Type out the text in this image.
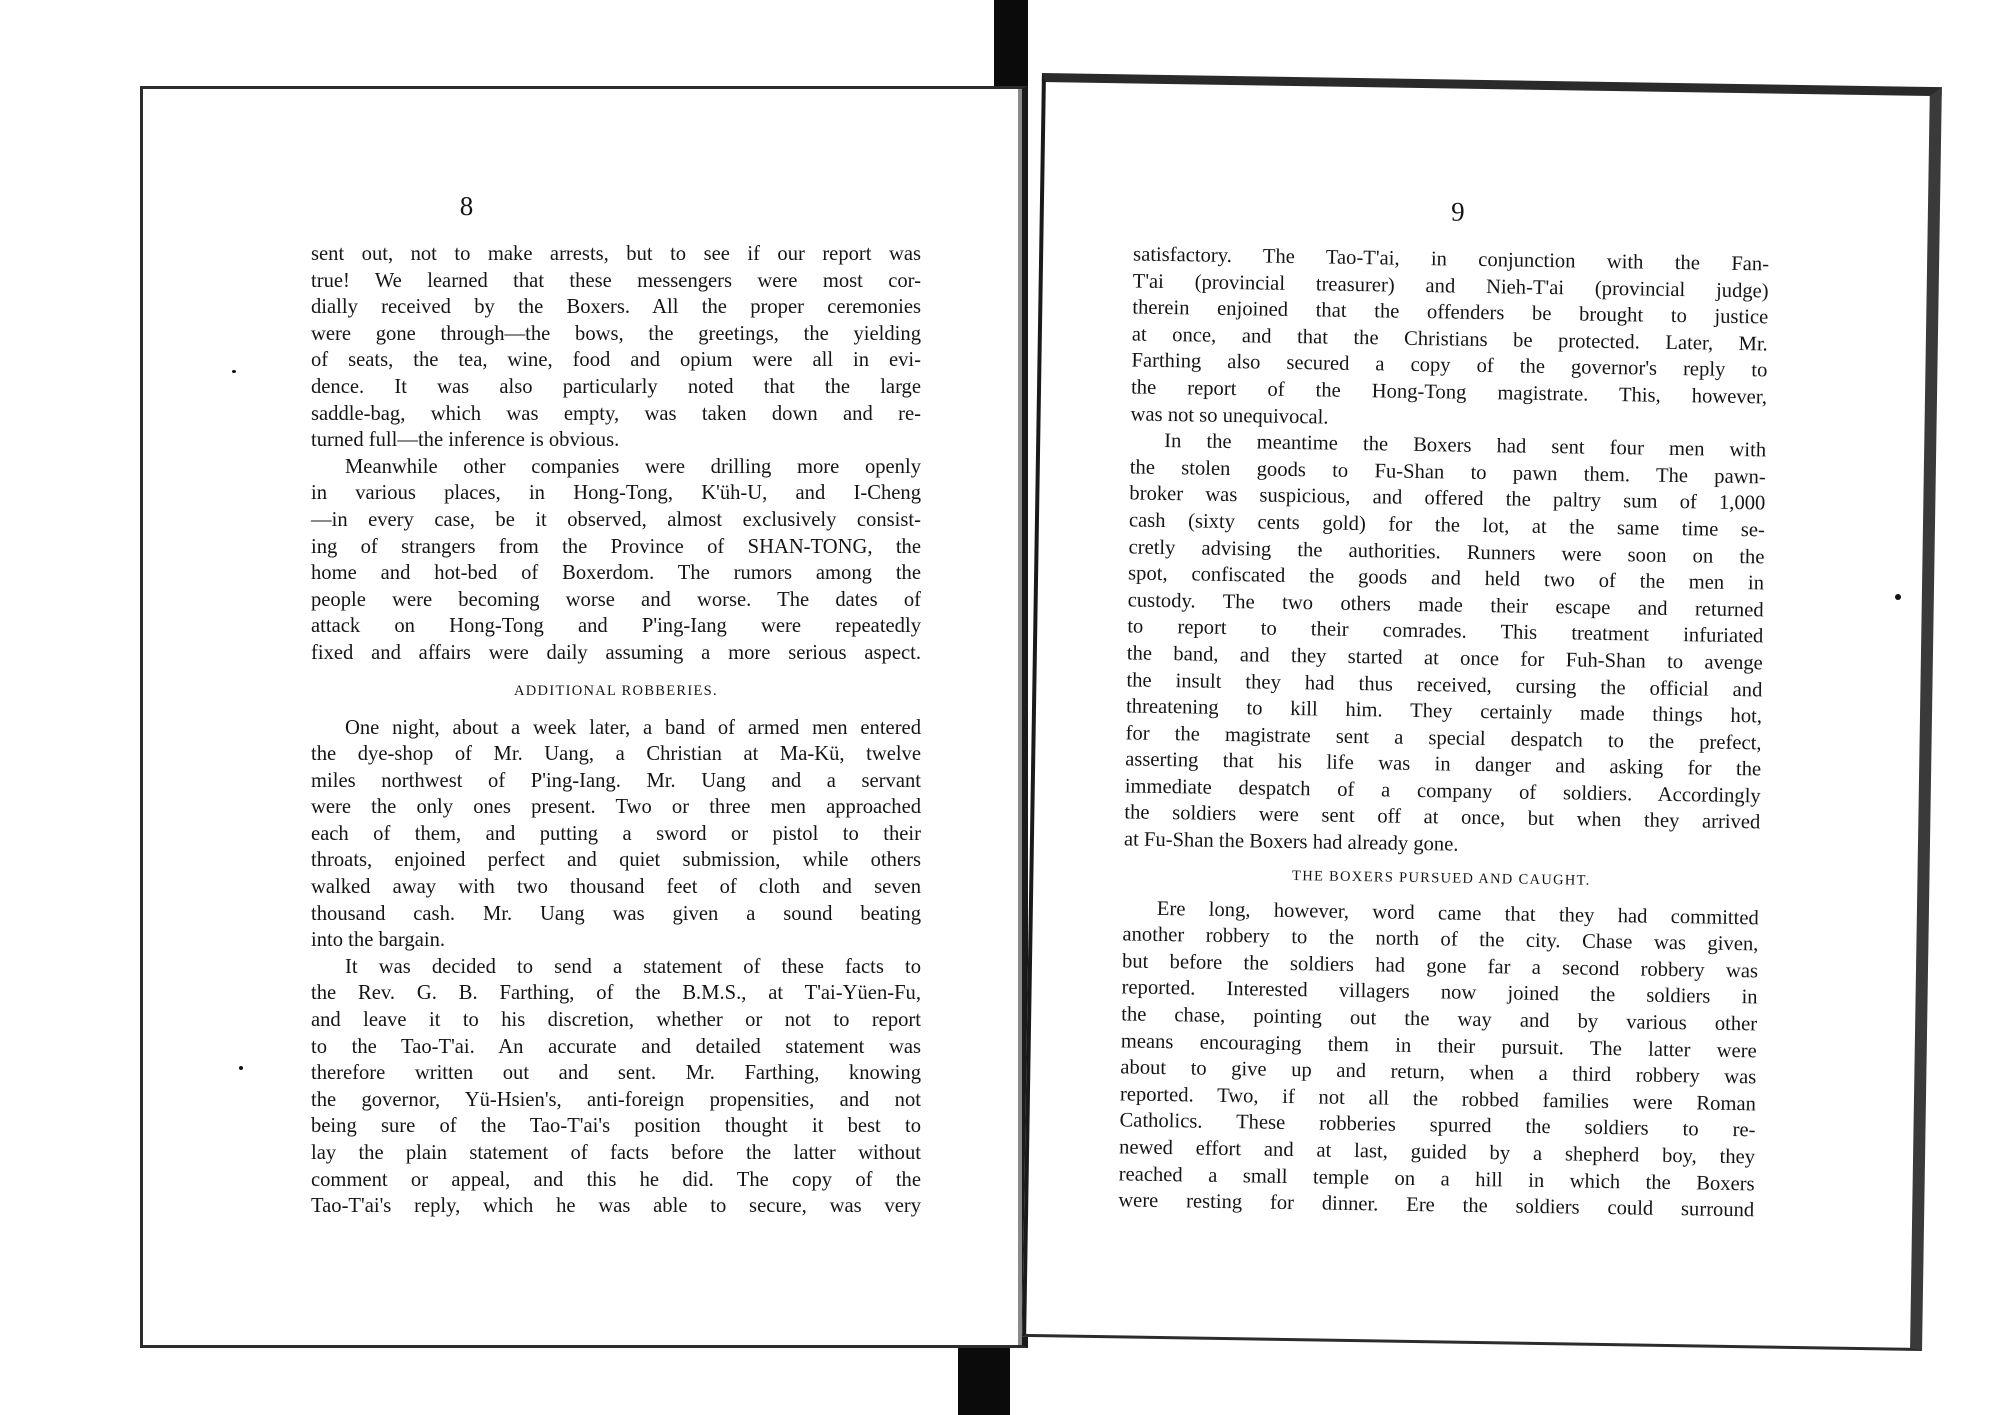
8
sent out, not to make arrests, but to see if our report was
true! We learned that these messengers were most cor-
dially received by the Boxers. All the proper ceremonies
were gone through—the bows, the greetings, the yielding
of seats, the tea, wine, food and opium were all in evi-
dence. It was also particularly noted that the large
saddle-bag, which was empty, was taken down and re-
turned full—the inference is obvious.
Meanwhile other companies were drilling more openly
in various places, in Hong-Tong, K'üh-U, and I-Cheng
—in every case, be it observed, almost exclusively consist-
ing of strangers from the Province of SHAN-TONG, the
home and hot-bed of Boxerdom. The rumors among the
people were becoming worse and worse. The dates of
attack on Hong-Tong and P'ing-Iang were repeatedly
fixed and affairs were daily assuming a more serious aspect.
ADDITIONAL ROBBERIES.
One night, about a week later, a band of armed men entered
the dye-shop of Mr. Uang, a Christian at Ma-Kü, twelve
miles northwest of P'ing-Iang. Mr. Uang and a servant
were the only ones present. Two or three men approached
each of them, and putting a sword or pistol to their
throats, enjoined perfect and quiet submission, while others
walked away with two thousand feet of cloth and seven
thousand cash. Mr. Uang was given a sound beating
into the bargain.
It was decided to send a statement of these facts to
the Rev. G. B. Farthing, of the B.M.S., at T'ai-Yüen-Fu,
and leave it to his discretion, whether or not to report
to the Tao-T'ai. An accurate and detailed statement was
therefore written out and sent. Mr. Farthing, knowing
the governor, Yü-Hsien's, anti-foreign propensities, and not
being sure of the Tao-T'ai's position thought it best to
lay the plain statement of facts before the latter without
comment or appeal, and this he did. The copy of the
Tao-T'ai's reply, which he was able to secure, was very
9
satisfactory. The Tao-T'ai, in conjunction with the Fan-
T'ai (provincial treasurer) and Nieh-T'ai (provincial judge)
therein enjoined that the offenders be brought to justice
at once, and that the Christians be protected. Later, Mr.
Farthing also secured a copy of the governor's reply to
the report of the Hong-Tong magistrate. This, however,
was not so unequivocal.
In the meantime the Boxers had sent four men with
the stolen goods to Fu-Shan to pawn them. The pawn-
broker was suspicious, and offered the paltry sum of 1,000
cash (sixty cents gold) for the lot, at the same time se-
cretly advising the authorities. Runners were soon on the
spot, confiscated the goods and held two of the men in
custody. The two others made their escape and returned
to report to their comrades. This treatment infuriated
the band, and they started at once for Fuh-Shan to avenge
the insult they had thus received, cursing the official and
threatening to kill him. They certainly made things hot,
for the magistrate sent a special despatch to the prefect,
asserting that his life was in danger and asking for the
immediate despatch of a company of soldiers. Accordingly
the soldiers were sent off at once, but when they arrived
at Fu-Shan the Boxers had already gone.
THE BOXERS PURSUED AND CAUGHT.
Ere long, however, word came that they had committed
another robbery to the north of the city. Chase was given,
but before the soldiers had gone far a second robbery was
reported. Interested villagers now joined the soldiers in
the chase, pointing out the way and by various other
means encouraging them in their pursuit. The latter were
about to give up and return, when a third robbery was
reported. Two, if not all the robbed families were Roman
Catholics. These robberies spurred the soldiers to re-
newed effort and at last, guided by a shepherd boy, they
reached a small temple on a hill in which the Boxers
were resting for dinner. Ere the soldiers could surround
